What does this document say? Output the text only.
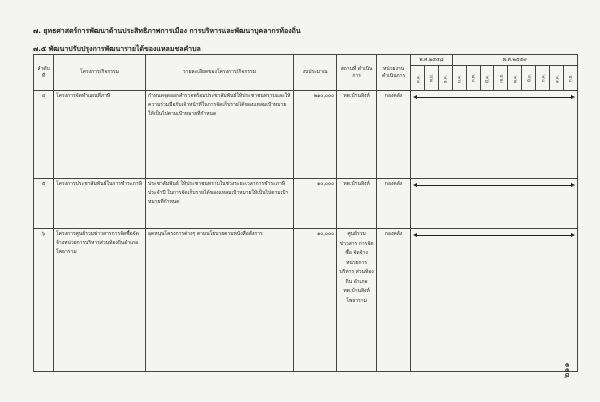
๗. ยุทธศาสตร์การพัฒนาด้านประสิทธิภาพการเมือง การบริหารและพัฒนาบุคลากรท้องถิ่น
๗.๕ พัฒนาปรับปรุงการพัฒนารายได้ของแหลมชลคำบล
ลำดับ ที่	โครงการ/กิจกรรม	รายละเอียดของโครงการ/กิจกรรม	งบประมาณ	สถานที่ ดำเนินการ	หน่วยงาน ดำเนินการ	พ.ศ.๒๕๕๘			พ.ศ.๒๕๕๙								
						ต.ค.	พ.ย.	ธ.ค.	ม.ค.	ก.พ.	มี.ค.	เม.ย.	พ.ค.	มิ.ย.	ก.ค.	ส.ค.	ก.ย.
๔	โครงการจัดทำแผนที่ภาษี	กำหนดจุดออกสำรวจพร้อมประชาสัมพันธ์ให้ประชาชนทราบและให้ความร่วมมือกับเจ้าหน้าที่ในการจัดเก็บรายได้ของแหลมเป้าหมายให้เป็นไปตามเป้าหมายที่กำหนด	๒๑๐,๐๐๐	ทต.บ้านสิงห์	กองคลัง												

๕	โครงการประชาสัมพันธ์ในการชำระภาษี	ประชาสัมพันธ์ ให้ประชาชนทราบในช่วงระยะเวลาการชำระภาษีประจำปี ในการจัดเก็บรายได้ของแหลมเป้าหมายให้เป็นไปตามเป้าหมายที่กำหนด	๑๐,๐๐๐	ทต.บ้านสิงห์	กองคลัง												

๖	โครงการศูนย์รวมข่าวสารการจัดซื้อจัดจ้างหน่วยการบริหารส่วนท้องถิ่นอำเภอโพธาราม	อุดหนุนโครงการต่างๆ ตามนโยบายตามหนังสือสั่งการ	๑๐,๐๐๐	ศูนย์รวม ข่าวสาร การจัดซื้อ จัดจ้าง หน่วยการ บริหาร ส่วนท้องถิ่น อำเภอ ทต.บ้านสิงห์ โพธาราม	กองคลัง												
๒๑๑
